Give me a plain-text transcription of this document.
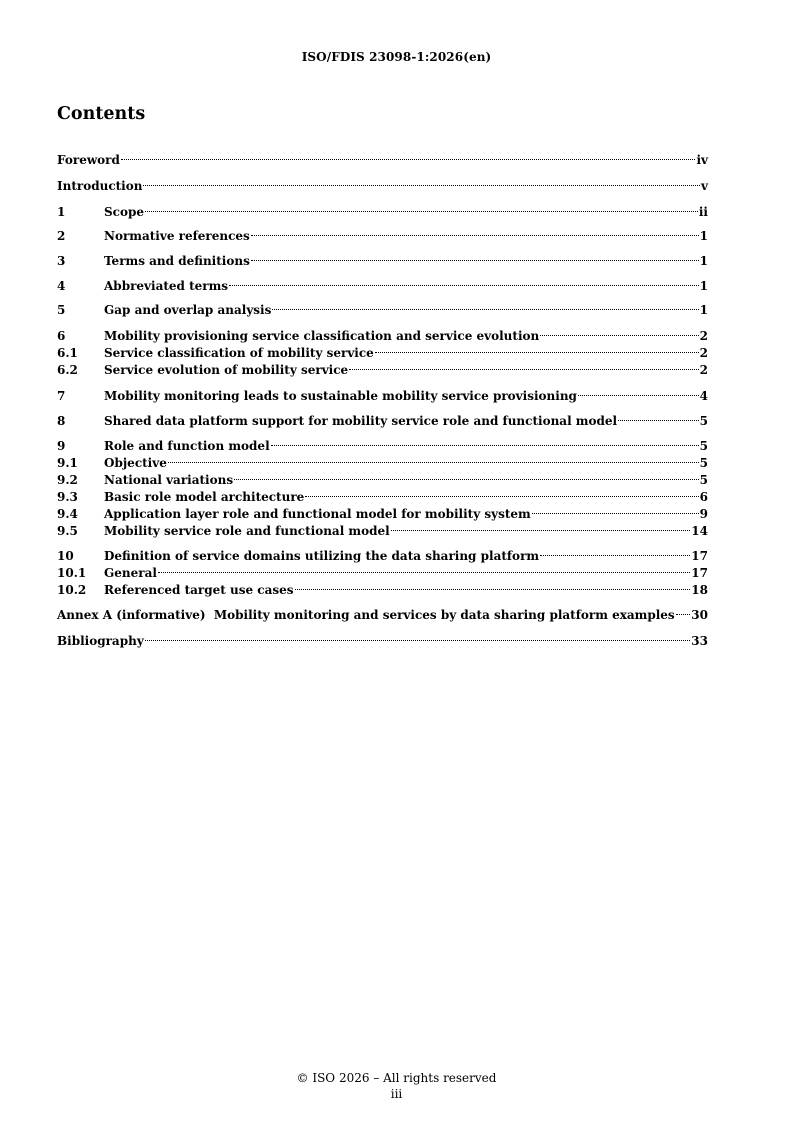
ISO/FDIS 23098-1:2026(en)
Contents
Foreword	iv
Introduction	v
1	Scope	ii
2	Normative references	1
3	Terms and definitions	1
4	Abbreviated terms	1
5	Gap and overlap analysis	1
6	Mobility provisioning service classification and service evolution	2
6.1	Service classification of mobility service	2
6.2	Service evolution of mobility service	2
7	Mobility monitoring leads to sustainable mobility service provisioning	4
8	Shared data platform support for mobility service role and functional model	5
9	Role and function model	5
9.1	Objective	5
9.2	National variations	5
9.3	Basic role model architecture	6
9.4	Application layer role and functional model for mobility system	9
9.5	Mobility service role and functional model	14
10	Definition of service domains utilizing the data sharing platform	17
10.1	General	17
10.2	Referenced target use cases	18
Annex A (informative)  Mobility monitoring and services by data sharing platform examples 30
Bibliography	33
© ISO 2026 – All rights reserved
iii
